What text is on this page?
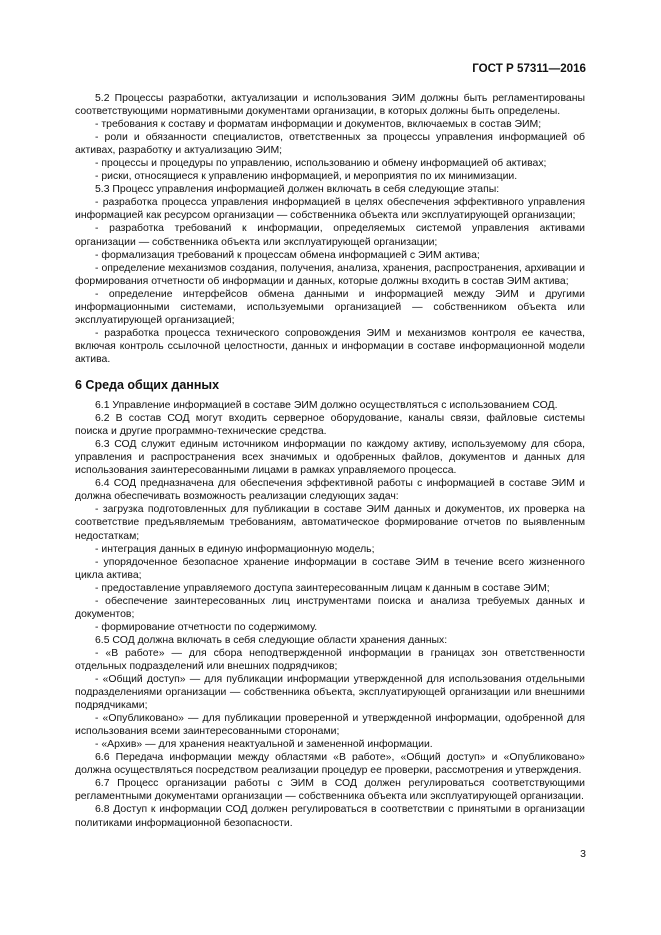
ГОСТ Р 57311—2016

5.2 Процессы разработки, актуализации и использования ЭИМ должны быть регламентированы соответствующими нормативными документами организации, в которых должны быть определены.

- требования к составу и форматам информации и документов, включаемых в состав ЭИМ;

- роли и обязанности специалистов, ответственных за процессы управления информацией об активах, разработку и актуализацию ЭИМ;

- процессы и процедуры по управлению, использованию и обмену информацией об активах;

- риски, относящиеся к управлению информацией, и мероприятия по их минимизации.

5.3 Процесс управления информацией должен включать в себя следующие этапы:

- разработка процесса управления информацией в целях обеспечения эффективного управления информацией как ресурсом организации — собственника объекта или эксплуатирующей организации;

- разработка требований к информации, определяемых системой управления активами организации — собственника объекта или эксплуатирующей организации;

- формализация требований к процессам обмена информацией с ЭИМ актива;

- определение механизмов создания, получения, анализа, хранения, распространения, архивации и формирования отчетности об информации и данных, которые должны входить в состав ЭИМ актива;

- определение интерфейсов обмена данными и информацией между ЭИМ и другими информационными системами, используемыми организацией — собственником объекта или эксплуатирующей организацией;

- разработка процесса технического сопровождения ЭИМ и механизмов контроля ее качества, включая контроль ссылочной целостности, данных и информации в составе информационной модели актива.

6 Среда общих данных

6.1 Управление информацией в составе ЭИМ должно осуществляться с использованием СОД.

6.2 В состав СОД могут входить серверное оборудование, каналы связи, файловые системы поиска и другие программно-технические средства.

6.3 СОД служит единым источником информации по каждому активу, используемому для сбора, управления и распространения всех значимых и одобренных файлов, документов и данных для использования заинтересованными лицами в рамках управляемого процесса.

6.4 СОД предназначена для обеспечения эффективной работы с информацией в составе ЭИМ и должна обеспечивать возможность реализации следующих задач:

- загрузка подготовленных для публикации в составе ЭИМ данных и документов, их проверка на соответствие предъявляемым требованиям, автоматическое формирование отчетов по выявленным недостаткам;

- интеграция данных в единую информационную модель;

- упорядоченное безопасное хранение информации в составе ЭИМ в течение всего жизненного цикла актива;

- предоставление управляемого доступа заинтересованным лицам к данным в составе ЭИМ;

- обеспечение заинтересованных лиц инструментами поиска и анализа требуемых данных и документов;

- формирование отчетности по содержимому.

6.5 СОД должна включать в себя следующие области хранения данных:

- «В работе» — для сбора неподтвержденной информации в границах зон ответственности отдельных подразделений или внешних подрядчиков;

- «Общий доступ» — для публикации информации утвержденной для использования отдельными подразделениями организации — собственника объекта, эксплуатирующей организации или внешними подрядчиками;

- «Опубликовано» — для публикации проверенной и утвержденной информации, одобренной для использования всеми заинтересованными сторонами;

- «Архив» — для хранения неактуальной и замененной информации.

6.6 Передача информации между областями «В работе», «Общий доступ» и «Опубликовано» должна осуществляться посредством реализации процедур ее проверки, рассмотрения и утверждения.

6.7 Процесс организации работы с ЭИМ в СОД должен регулироваться соответствующими регламентными документами организации — собственника объекта или эксплуатирующей организации.

6.8 Доступ к информации СОД должен регулироваться в соответствии с принятыми в организации политиками информационной безопасности.

3
